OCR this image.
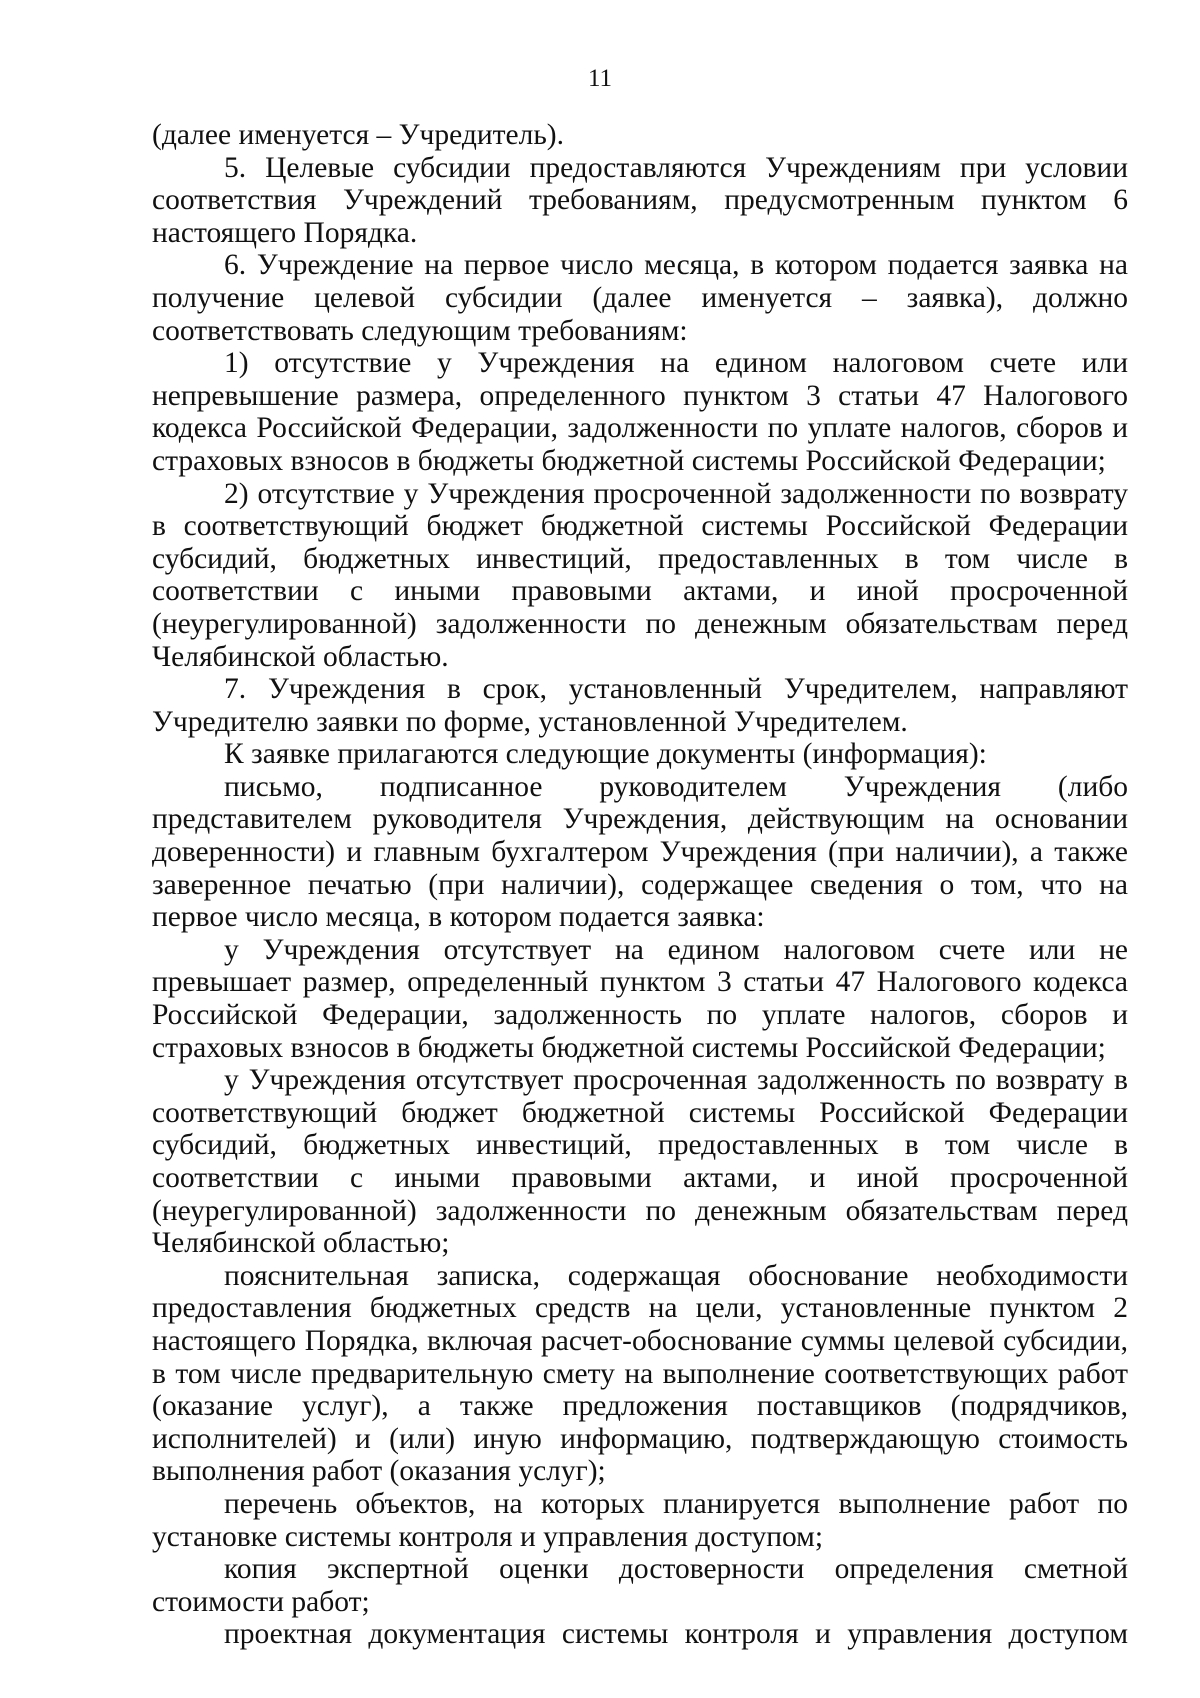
11

(далее именуется – Учредитель).

5. Целевые субсидии предоставляются Учреждениям при условии соответствия Учреждений требованиям, предусмотренным пунктом 6 настоящего Порядка.

6. Учреждение на первое число месяца, в котором подается заявка на получение целевой субсидии (далее именуется – заявка), должно соответствовать следующим требованиям:

1) отсутствие у Учреждения на едином налоговом счете или непревышение размера, определенного пунктом 3 статьи 47 Налогового кодекса Российской Федерации, задолженности по уплате налогов, сборов и страховых взносов в бюджеты бюджетной системы Российской Федерации;

2) отсутствие у Учреждения просроченной задолженности по возврату в соответствующий бюджет бюджетной системы Российской Федерации субсидий, бюджетных инвестиций, предоставленных в том числе в соответствии с иными правовыми актами, и иной просроченной (неурегулированной) задолженности по денежным обязательствам перед Челябинской областью.

7. Учреждения в срок, установленный Учредителем, направляют Учредителю заявки по форме, установленной Учредителем.

К заявке прилагаются следующие документы (информация):

письмо, подписанное руководителем Учреждения (либо представителем руководителя Учреждения, действующим на основании доверенности) и главным бухгалтером Учреждения (при наличии), а также заверенное печатью (при наличии), содержащее сведения о том, что на первое число месяца, в котором подается заявка:

у Учреждения отсутствует на едином налоговом счете или не превышает размер, определенный пунктом 3 статьи 47 Налогового кодекса Российской Федерации, задолженность по уплате налогов, сборов и страховых взносов в бюджеты бюджетной системы Российской Федерации;

у Учреждения отсутствует просроченная задолженность по возврату в соответствующий бюджет бюджетной системы Российской Федерации субсидий, бюджетных инвестиций, предоставленных в том числе в соответствии с иными правовыми актами, и иной просроченной (неурегулированной) задолженности по денежным обязательствам перед Челябинской областью;

пояснительная записка, содержащая обоснование необходимости предоставления бюджетных средств на цели, установленные пунктом 2 настоящего Порядка, включая расчет-обоснование суммы целевой субсидии, в том числе предварительную смету на выполнение соответствующих работ (оказание услуг), а также предложения поставщиков (подрядчиков, исполнителей) и (или) иную информацию, подтверждающую стоимость выполнения работ (оказания услуг);

перечень объектов, на которых планируется выполнение работ по установке системы контроля и управления доступом;

копия экспертной оценки достоверности определения сметной стоимости работ;

проектная документация системы контроля и управления доступом
